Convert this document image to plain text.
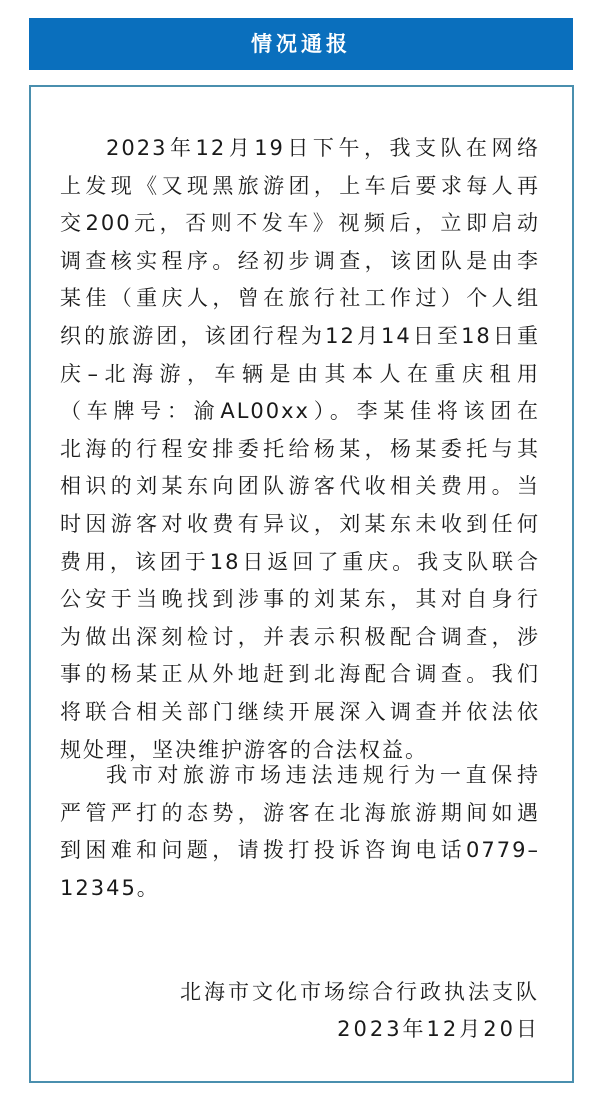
情况通报
2023年12月19日下午，我支队在网络
上发现《又现黑旅游团，上车后要求每人再
交200元，否则不发车》视频后，立即启动
调查核实程序。经初步调查，该团队是由李
某佳（重庆人，曾在旅行社工作过）个人组
织的旅游团，该团行程为12月14日至18日重
庆–北海游，车辆是由其本人在重庆租用
（车牌号：渝AL00xx）。李某佳将该团在
北海的行程安排委托给杨某，杨某委托与其
相识的刘某东向团队游客代收相关费用。当
时因游客对收费有异议，刘某东未收到任何
费用，该团于18日返回了重庆。我支队联合
公安于当晚找到涉事的刘某东，其对自身行
为做出深刻检讨，并表示积极配合调查，涉
事的杨某正从外地赶到北海配合调查。我们
将联合相关部门继续开展深入调查并依法依
规处理，坚决维护游客的合法权益。
我市对旅游市场违法违规行为一直保持
严管严打的态势，游客在北海旅游期间如遇
到困难和问题，请拨打投诉咨询电话0779–
12345。
北海市文化市场综合行政执法支队
2023年12月20日
